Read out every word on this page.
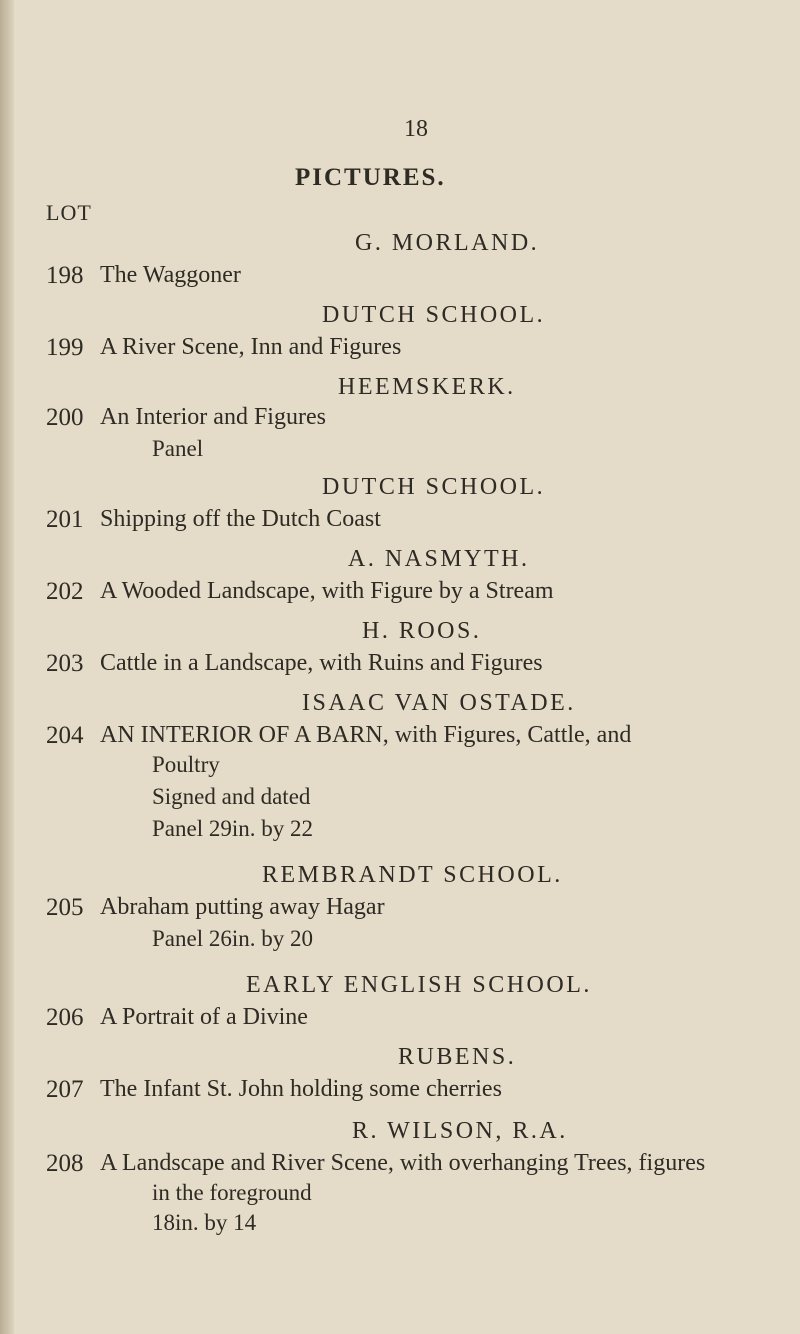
18
PICTURES.
LOT
G. MORLAND.
198 The Waggoner
DUTCH SCHOOL.
199 A River Scene, Inn and Figures
HEEMSKERK.
200 An Interior and Figures
Panel
DUTCH SCHOOL.
201 Shipping off the Dutch Coast
A. NASMYTH.
202 A Wooded Landscape, with Figure by a Stream
H. ROOS.
203 Cattle in a Landscape, with Ruins and Figures
ISAAC VAN OSTADE.
204 AN INTERIOR OF A BARN, with Figures, Cattle, and
Poultry
Signed and dated
Panel 29in. by 22
REMBRANDT SCHOOL.
205 Abraham putting away Hagar
Panel 26in. by 20
EARLY ENGLISH SCHOOL.
206 A Portrait of a Divine
RUBENS.
207 The Infant St. John holding some cherries
R. WILSON, R.A.
208 A Landscape and River Scene, with overhanging Trees, figures
in the foreground
18in. by 14
